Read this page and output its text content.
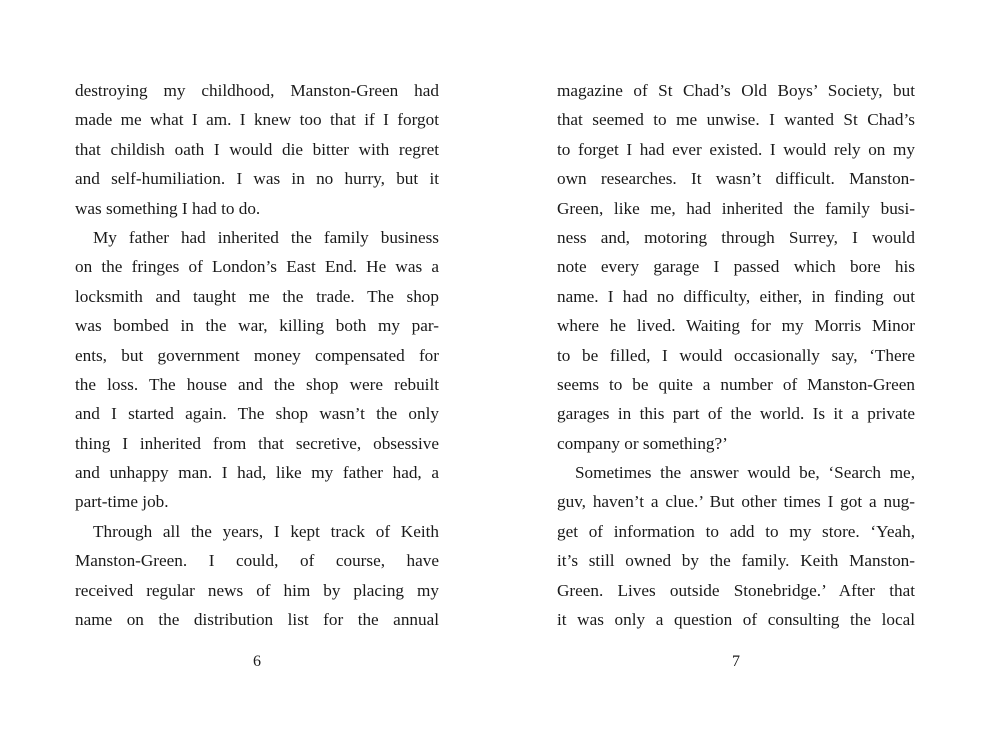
destroying my childhood, Manston-Green had
made me what I am. I knew too that if I forgot
that childish oath I would die bitter with regret
and self-humiliation. I was in no hurry, but it
was something I had to do.
My father had inherited the family business
on the fringes of London’s East End. He was a
locksmith and taught me the trade. The shop
was bombed in the war, killing both my par-
ents, but government money compensated for
the loss. The house and the shop were rebuilt
and I started again. The shop wasn’t the only
thing I inherited from that secretive, obsessive
and unhappy man. I had, like my father had, a
part-time job.
Through all the years, I kept track of Keith
Manston-Green. I could, of course, have
received regular news of him by placing my
name on the distribution list for the annual
magazine of St Chad’s Old Boys’ Society, but
that seemed to me unwise. I wanted St Chad’s
to forget I had ever existed. I would rely on my
own researches. It wasn’t difficult. Manston-
Green, like me, had inherited the family busi-
ness and, motoring through Surrey, I would
note every garage I passed which bore his
name. I had no difficulty, either, in finding out
where he lived. Waiting for my Morris Minor
to be filled, I would occasionally say, ‘There
seems to be quite a number of Manston-Green
garages in this part of the world. Is it a private
company or something?’
Sometimes the answer would be, ‘Search me,
guv, haven’t a clue.’ But other times I got a nug-
get of information to add to my store. ‘Yeah,
it’s still owned by the family. Keith Manston-
Green. Lives outside Stonebridge.’ After that
it was only a question of consulting the local
6	7
